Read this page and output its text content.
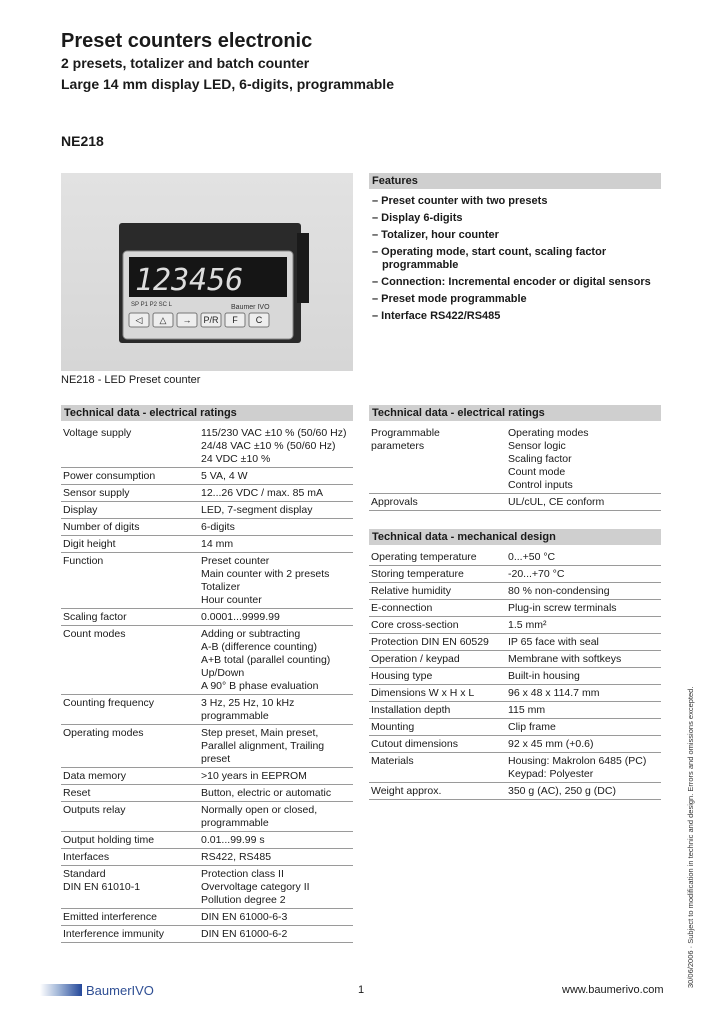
Preset counters electronic
2 presets, totalizer and batch counter
Large 14 mm display LED, 6-digits, programmable
NE218
123456
SP P1 P2 SC L	Baumer IVO
◁ △ → P/R F C
NE218 - LED Preset counter
Features
– Preset counter with two presets
– Display 6-digits
– Totalizer, hour counter
– Operating mode, start count, scaling factor programmable
– Connection: Incremental encoder or digital sensors
– Preset mode programmable
– Interface RS422/RS485
Technical data - electrical ratings
Voltage supply	115/230 VAC ±10 % (50/60 Hz)
24/48 VAC ±10 % (50/60 Hz)
24 VDC ±10 %
Power consumption	5 VA, 4 W
Sensor supply	12...26 VDC / max. 85 mA
Display	LED, 7-segment display
Number of digits	6-digits
Digit height	14 mm
Function	Preset counter
Main counter with 2 presets
Totalizer
Hour counter
Scaling factor	0.0001...9999.99
Count modes	Adding or subtracting
A-B (difference counting)
A+B total (parallel counting)
Up/Down
A 90° B phase evaluation
Counting frequency	3 Hz, 25 Hz, 10 kHz
programmable
Operating modes	Step preset, Main preset,
Parallel alignment, Trailing
preset
Data memory	>10 years in EEPROM
Reset	Button, electric or automatic
Outputs relay	Normally open or closed,
programmable
Output holding time	0.01...99.99 s
Interfaces	RS422, RS485
Standard
DIN EN 61010-1	Protection class II
Overvoltage category II
Pollution degree 2
Emitted interference	DIN EN 61000-6-3
Interference immunity	DIN EN 61000-6-2
Technical data - electrical ratings
Programmable
parameters	Operating modes
Sensor logic
Scaling factor
Count mode
Control inputs
Approvals	UL/cUL, CE conform
Technical data - mechanical design
Operating temperature	0...+50 °C
Storing temperature	-20...+70 °C
Relative humidity	80 % non-condensing
E-connection	Plug-in screw terminals
Core cross-section	1.5 mm²
Protection DIN EN 60529	IP 65 face with seal
Operation / keypad	Membrane with softkeys
Housing type	Built-in housing
Dimensions W x H x L	96 x 48 x 114.7 mm
Installation depth	115 mm
Mounting	Clip frame
Cutout dimensions	92 x 45 mm (+0.6)
Materials	Housing: Makrolon 6485 (PC)
Keypad: Polyester
Weight approx.	350 g (AC), 250 g (DC)
BaumerIVO	1	www.baumerivo.com
30/06/2006 · Subject to modification in technic and design. Errors and omissions excepted.
